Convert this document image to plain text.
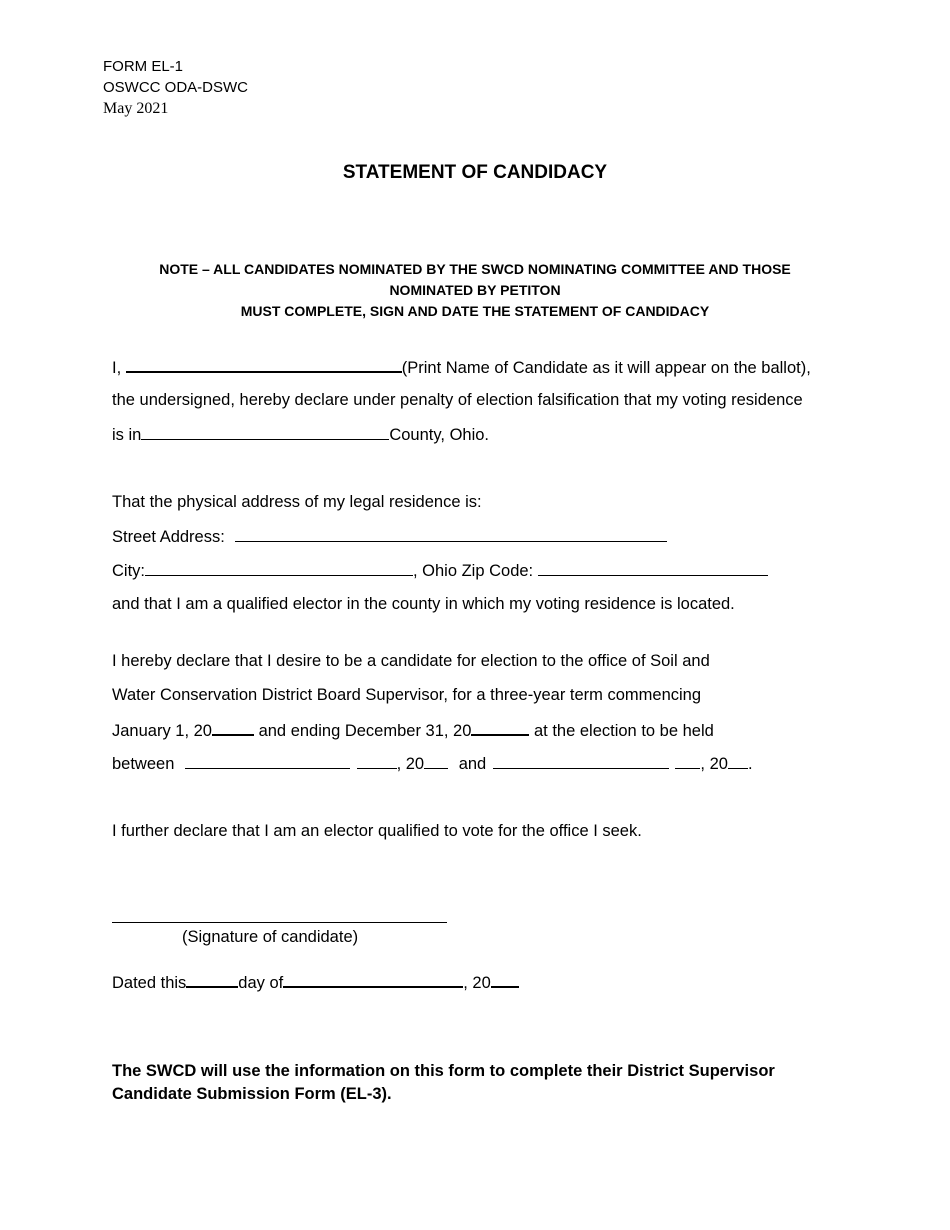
FORM EL-1
OSWCC ODA-DSWC
May 2021
STATEMENT OF CANDIDACY
NOTE – ALL CANDIDATES NOMINATED BY THE SWCD NOMINATING COMMITTEE AND THOSE
NOMINATED BY PETITON
MUST COMPLETE, SIGN AND DATE THE STATEMENT OF CANDIDACY
I,	(Print Name of Candidate as it will appear on the ballot),
the undersigned, hereby declare under penalty of election falsification that my voting residence
is in	County, Ohio.
That the physical address of my legal residence is:
Street Address:
City:	, Ohio Zip Code:
and that I am a qualified elector in the county in which my voting residence is located.
I hereby declare that I desire to be a candidate for election to the office of Soil and
Water Conservation District Board Supervisor, for a three-year term commencing
January 1, 20	and ending December 31, 20	at the election to be held
between	, 20 and	, 20 .
I further declare that I am an elector qualified to vote for the office I seek.
(Signature of candidate)
Dated this	day of	, 20
The SWCD will use the information on this form to complete their District Supervisor Candidate Submission Form (EL-3).
